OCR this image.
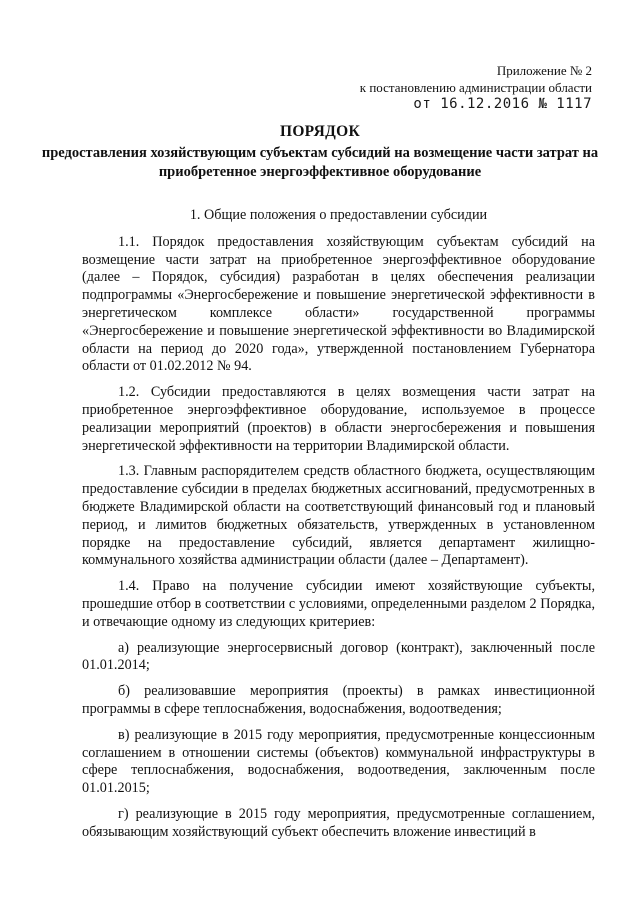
Приложение № 2
к постановлению администрации области
от 16.12.2016 № 1117
ПОРЯДОК
предоставления хозяйствующим субъектам субсидий на возмещение части затрат на приобретенное энергоэффективное оборудование

1. Общие положения о предоставлении субсидии

1.1. Порядок предоставления хозяйствующим субъектам субсидий на возмещение части затрат на приобретенное энергоэффективное оборудование (далее – Порядок, субсидия) разработан в целях обеспечения реализации подпрограммы «Энергосбережение и повышение энергетической эффективности в энергетическом комплексе области» государственной программы «Энергосбережение и повышение энергетической эффективности во Владимирской области на период до 2020 года», утвержденной постановлением Губернатора области от 01.02.2012 № 94.

1.2. Субсидии предоставляются в целях возмещения части затрат на приобретенное энергоэффективное оборудование, используемое в процессе реализации мероприятий (проектов) в области энергосбережения и повышения энергетической эффективности на территории Владимирской области.

1.3. Главным распорядителем средств областного бюджета, осуществляющим предоставление субсидии в пределах бюджетных ассигнований, предусмотренных в бюджете Владимирской области на соответствующий финансовый год и плановый период, и лимитов бюджетных обязательств, утвержденных в установленном порядке на предоставление субсидий, является департамент жилищно-коммунального хозяйства администрации области (далее – Департамент).

1.4. Право на получение субсидии имеют хозяйствующие субъекты, прошедшие отбор в соответствии с условиями, определенными разделом 2 Порядка, и отвечающие одному из следующих критериев:

а) реализующие энергосервисный договор (контракт), заключенный после 01.01.2014;

б) реализовавшие мероприятия (проекты) в рамках инвестиционной программы в сфере теплоснабжения, водоснабжения, водоотведения;

в) реализующие в 2015 году мероприятия, предусмотренные концессионным соглашением в отношении системы (объектов) коммунальной инфраструктуры в сфере теплоснабжения, водоснабжения, водоотведения, заключенным после 01.01.2015;

г) реализующие в 2015 году мероприятия, предусмотренные соглашением, обязывающим хозяйствующий субъект обеспечить вложение инвестиций в
